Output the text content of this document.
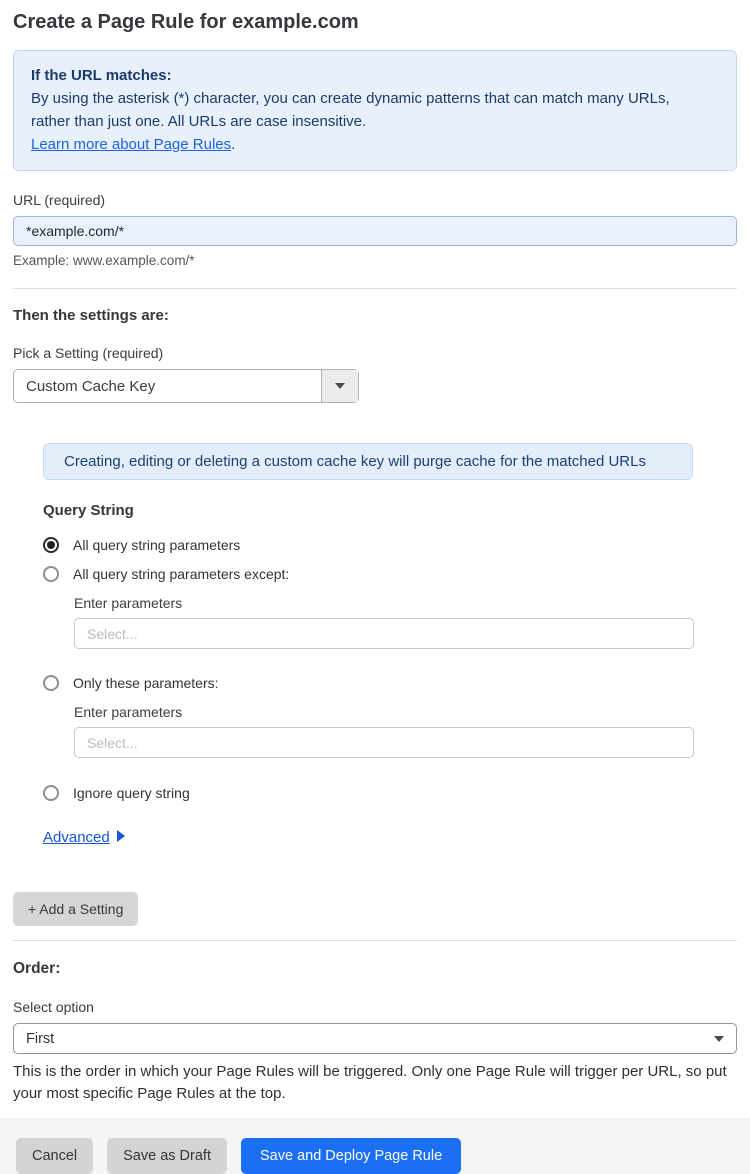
Create a Page Rule for example.com
If the URL matches:
By using the asterisk (*) character, you can create dynamic patterns that can match many URLs,
rather than just one. All URLs are case insensitive.
Learn more about Page Rules.
URL (required)
*example.com/*
Example: www.example.com/*
Then the settings are:
Pick a Setting (required)
Custom Cache Key
Creating, editing or deleting a custom cache key will purge cache for the matched URLs
Query String
All query string parameters
All query string parameters except:
Enter parameters
Select...
Only these parameters:
Enter parameters
Select...
Ignore query string
Advanced
+ Add a Setting
Order:
Select option
First
This is the order in which your Page Rules will be triggered. Only one Page Rule will trigger per URL, so put your most specific Page Rules at the top.
Cancel	Save as Draft	Save and Deploy Page Rule
